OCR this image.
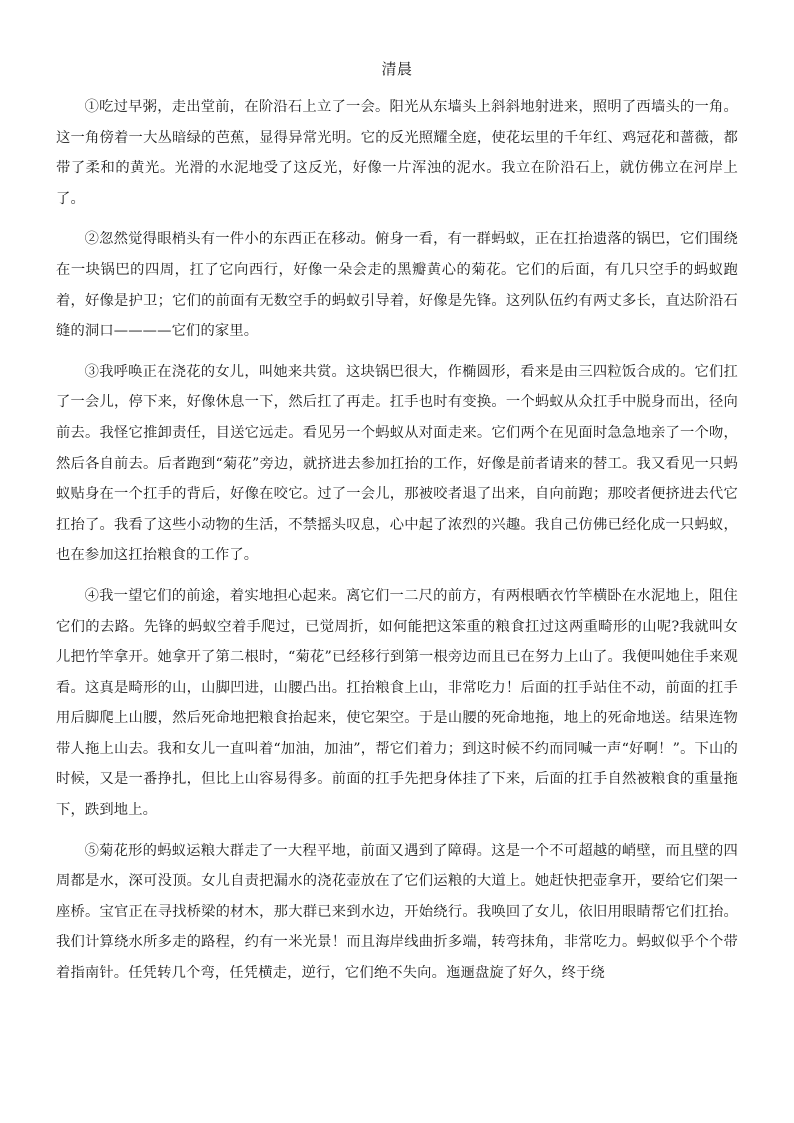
清晨

①吃过早粥，走出堂前，在阶沿石上立了一会。阳光从东墙头上斜斜地射进来，照明了西墙头的一角。这一角傍着一大丛暗绿的芭蕉，显得异常光明。它的反光照耀全庭，使花坛里的千年红、鸡冠花和蔷薇，都带了柔和的黄光。光滑的水泥地受了这反光，好像一片浑浊的泥水。我立在阶沿石上，就仿佛立在河岸上了。

②忽然觉得眼梢头有一件小的东西正在移动。俯身一看，有一群蚂蚁，正在扛抬遗落的锅巴，它们围绕在一块锅巴的四周，扛了它向西行，好像一朵会走的黑瓣黄心的菊花。它们的后面，有几只空手的蚂蚁跑着，好像是护卫；它们的前面有无数空手的蚂蚁引导着，好像是先锋。这列队伍约有两丈多长，直达阶沿石缝的洞口————它们的家里。

③我呼唤正在浇花的女儿，叫她来共赏。这块锅巴很大，作椭圆形，看来是由三四粒饭合成的。它们扛了一会儿，停下来，好像休息一下，然后扛了再走。扛手也时有变换。一个蚂蚁从众扛手中脱身而出，径向前去。我怪它推卸责任，目送它远走。看见另一个蚂蚁从对面走来。它们两个在见面时急急地亲了一个吻，然后各自前去。后者跑到“菊花”旁边，就挤进去参加扛抬的工作，好像是前者请来的替工。我又看见一只蚂蚁贴身在一个扛手的背后，好像在咬它。过了一会儿，那被咬者退了出来，自向前跑；那咬者便挤进去代它扛抬了。我看了这些小动物的生活，不禁摇头叹息，心中起了浓烈的兴趣。我自己仿佛已经化成一只蚂蚁，也在参加这扛抬粮食的工作了。

④我一望它们的前途，着实地担心起来。离它们一二尺的前方，有两根晒衣竹竿横卧在水泥地上，阻住它们的去路。先锋的蚂蚁空着手爬过，已觉周折，如何能把这笨重的粮食扛过这两重畸形的山呢?我就叫女儿把竹竿拿开。她拿开了第二根时，“菊花”已经移行到第一根旁边而且已在努力上山了。我便叫她住手来观看。这真是畸形的山，山脚凹进，山腰凸出。扛抬粮食上山，非常吃力！后面的扛手站住不动，前面的扛手用后脚爬上山腰，然后死命地把粮食抬起来，使它架空。于是山腰的死命地拖，地上的死命地送。结果连物带人拖上山去。我和女儿一直叫着“加油，加油”，帮它们着力；到这时候不约而同喊一声“好啊！”。下山的时候，又是一番挣扎，但比上山容易得多。前面的扛手先把身体挂了下来，后面的扛手自然被粮食的重量拖下，跌到地上。

⑤菊花形的蚂蚁运粮大群走了一大程平地，前面又遇到了障碍。这是一个不可超越的峭壁，而且壁的四周都是水，深可没顶。女儿自责把漏水的浇花壶放在了它们运粮的大道上。她赶快把壶拿开，要给它们架一座桥。宝官正在寻找桥梁的材木，那大群已来到水边，开始绕行。我唤回了女儿，依旧用眼睛帮它们扛抬。我们计算绕水所多走的路程，约有一米光景！而且海岸线曲折多端，转弯抹角，非常吃力。蚂蚁似乎个个带着指南针。任凭转几个弯，任凭横走，逆行，它们绝不失向。迤逦盘旋了好久，终于绕
